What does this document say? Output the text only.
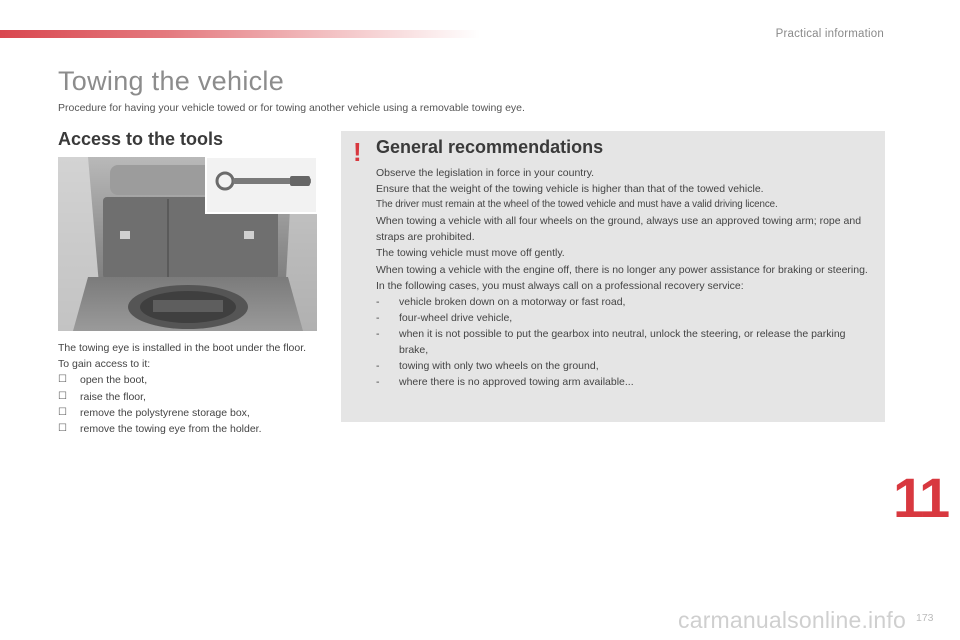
Practical information
Towing the vehicle
Procedure for having your vehicle towed or for towing another vehicle using a removable towing eye.
Access to the tools

The towing eye is installed in the boot under the floor.

To gain access to it:

☐ open the boot,
☐ raise the floor,
☐ remove the polystyrene storage box,
☐ remove the towing eye from the holder.
! General recommendations

Observe the legislation in force in your country.

Ensure that the weight of the towing vehicle is higher than that of the towed vehicle.

The driver must remain at the wheel of the towed vehicle and must have a valid driving licence.

When towing a vehicle with all four wheels on the ground, always use an approved towing arm; rope and straps are prohibited.

The towing vehicle must move off gently.

When towing a vehicle with the engine off, there is no longer any power assistance for braking or steering.

In the following cases, you must always call on a professional recovery service:

- vehicle broken down on a motorway or fast road,
- four-wheel drive vehicle,
- when it is not possible to put the gearbox into neutral, unlock the steering, or release the parking brake,
- towing with only two wheels on the ground,
- where there is no approved towing arm available...
11
173
carmanualsonline.info
